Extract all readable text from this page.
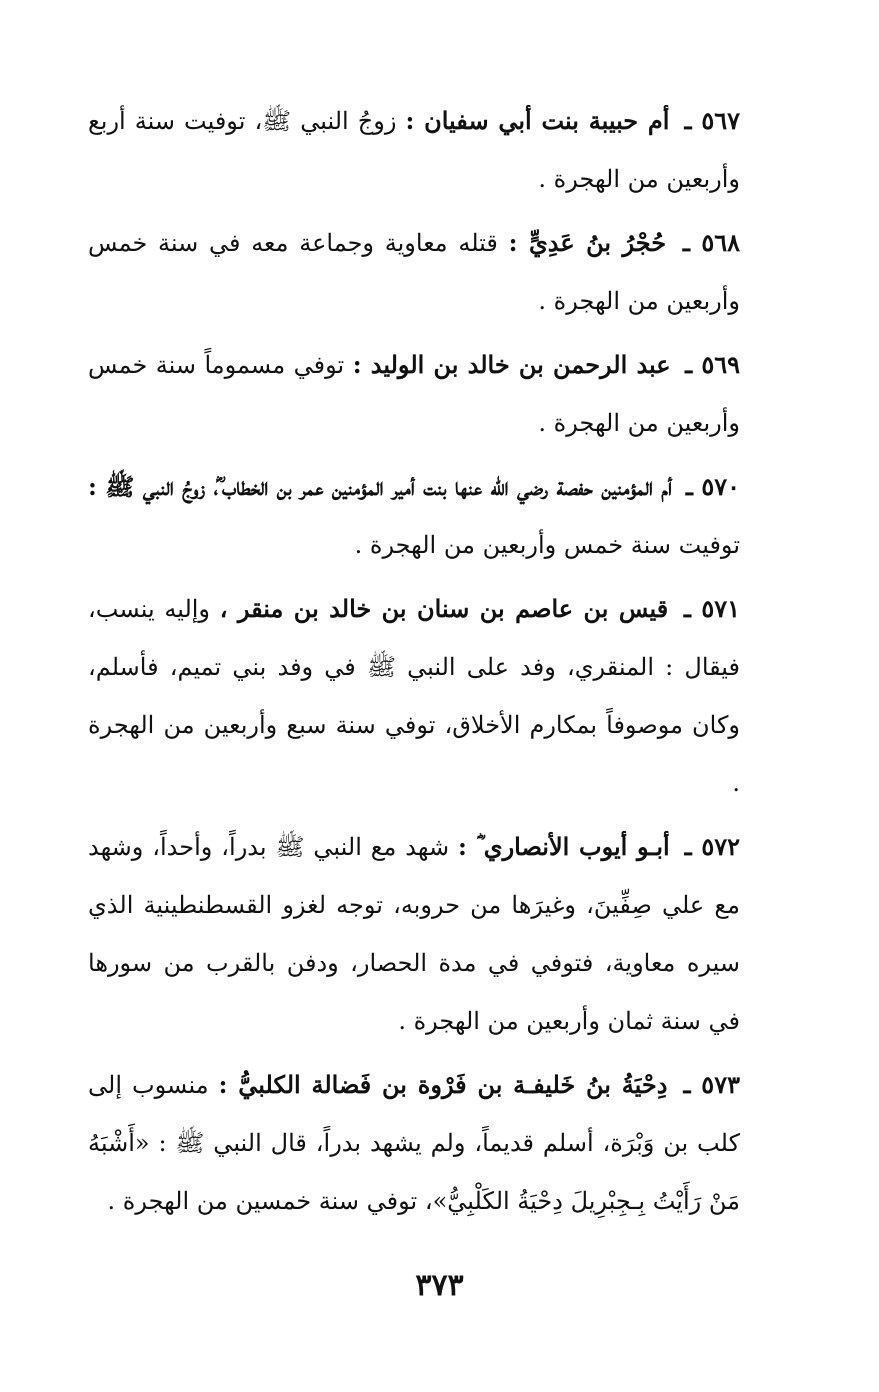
٥٦٧ ـ أم حبيبة بنت أبي سفيان : زوجُ النبي ﷺ، توفيت سنة أربع وأربعين من الهجرة .

٥٦٨ ـ حُجْرُ بنُ عَدِيٍّ : قتله معاوية وجماعة معه في سنة خمس وأربعين من الهجرة .

٥٦٩ ـ عبد الرحمن بن خالد بن الوليد : توفي مسموماً سنة خمس وأربعين من الهجرة .

٥٧٠ ـ أم المؤمنين حفصة رضي الله عنها بنت أمير المؤمنين عمر بن الخطاب ؓ، زوجُ النبي ﷺ : توفيت سنة خمس وأربعين من الهجرة .

٥٧١ ـ قيس بن عاصم بن سنان بن خالد بن منقر ، وإليه ينسب، فيقال : المنقري، وفد على النبي ﷺ في وفد بني تميم، فأسلم، وكان موصوفاً بمكارم الأخلاق، توفي سنة سبع وأربعين من الهجرة .

٥٧٢ ـ أبـو أيوب الأنصاري ؓ : شهد مع النبي ﷺ بدراً، وأحداً، وشهد مع علي صِفِّينَ، وغيرَها من حروبه، توجه لغزو القسطنطينية الذي سيره معاوية، فتوفي في مدة الحصار، ودفن بالقرب من سورها في سنة ثمان وأربعين من الهجرة .

٥٧٣ ـ دِحْيَةُ بنُ خَليفـة بن فَرْوة بن فَضالة الكلبيُّ : منسوب إلى كلب بن وَبْرَة، أسلم قديماً، ولم يشهد بدراً، قال النبي ﷺ : «أَشْبَهُ مَنْ رَأَيْتُ بِـجِبْرِيلَ دِحْيَةُ الكَلْبِيُّ»، توفي سنة خمسين من الهجرة .

٣٧٣
